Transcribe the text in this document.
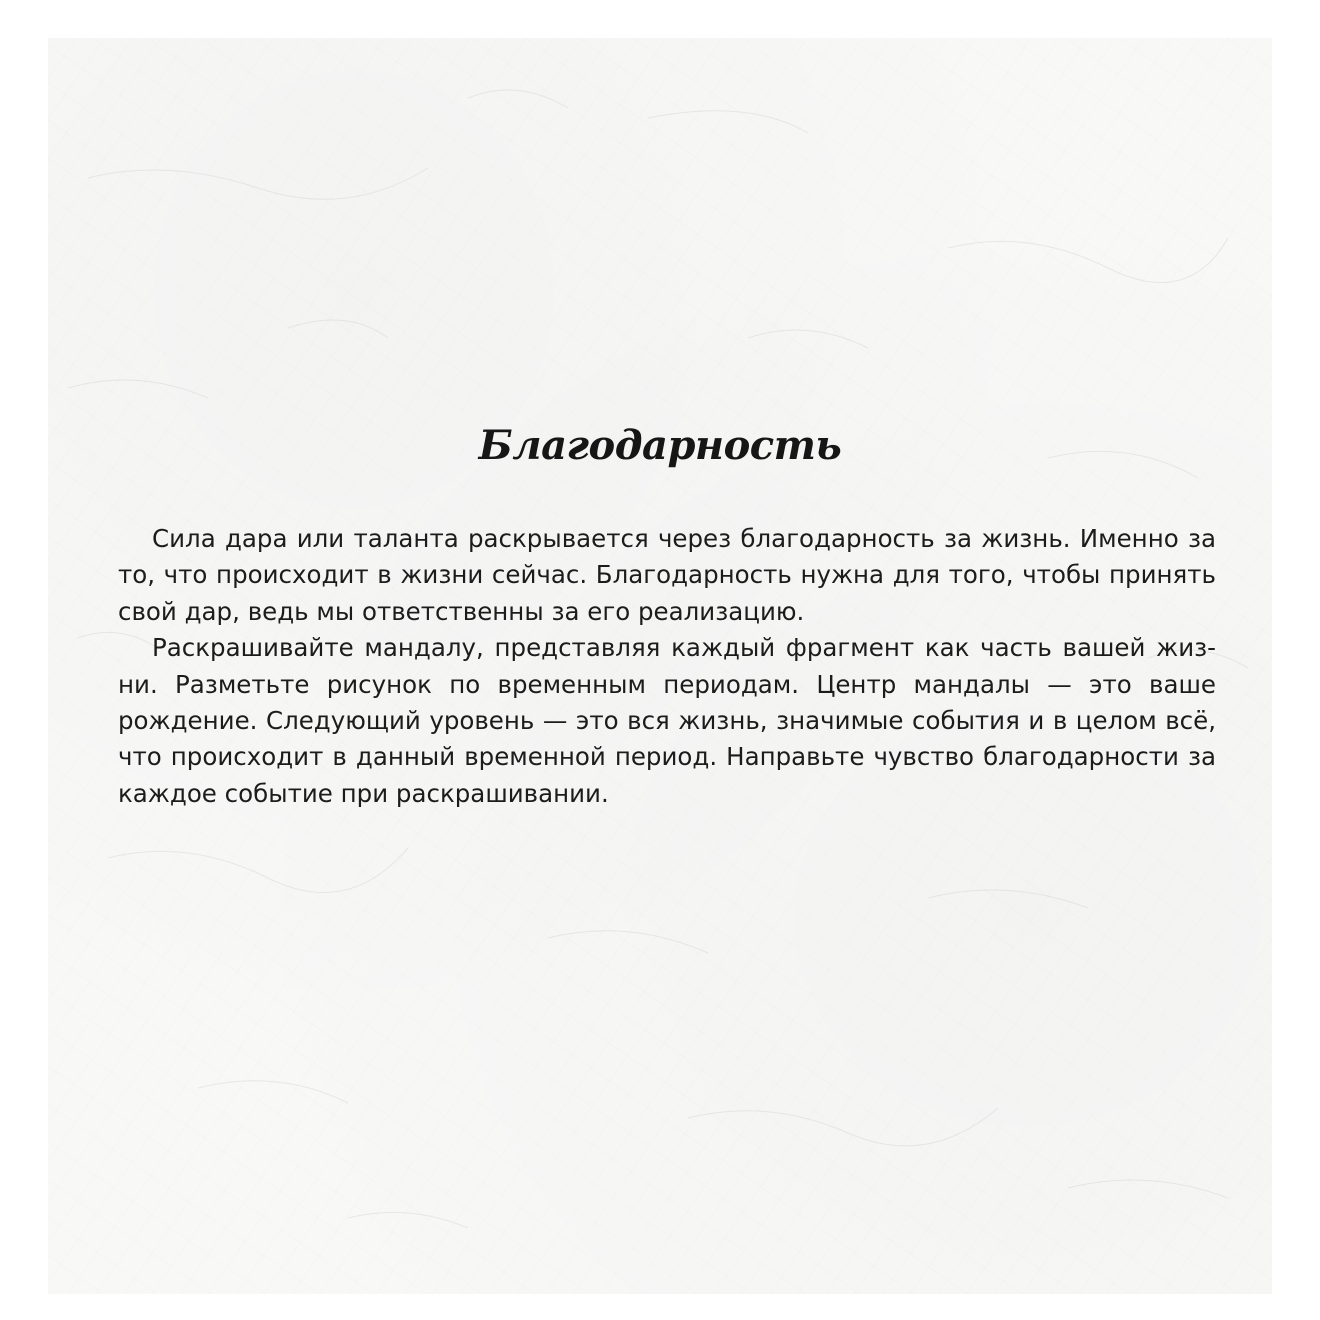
Благодарность

Сила дара или таланта раскрывается через благодарность за жизнь. Именно за то, что происходит в жизни сейчас. Благодарность нужна для того, чтобы принять свой дар, ведь мы ответственны за его реализацию.

Раскрашивайте мандалу, представляя каждый фрагмент как часть вашей жизни. Разметьте рисунок по временным периодам. Центр мандалы — это ваше рождение. Следующий уровень — это вся жизнь, значимые события и в целом всё, что происходит в данный временной период. Направьте чувство благодарности за каждое событие при раскрашивании.
